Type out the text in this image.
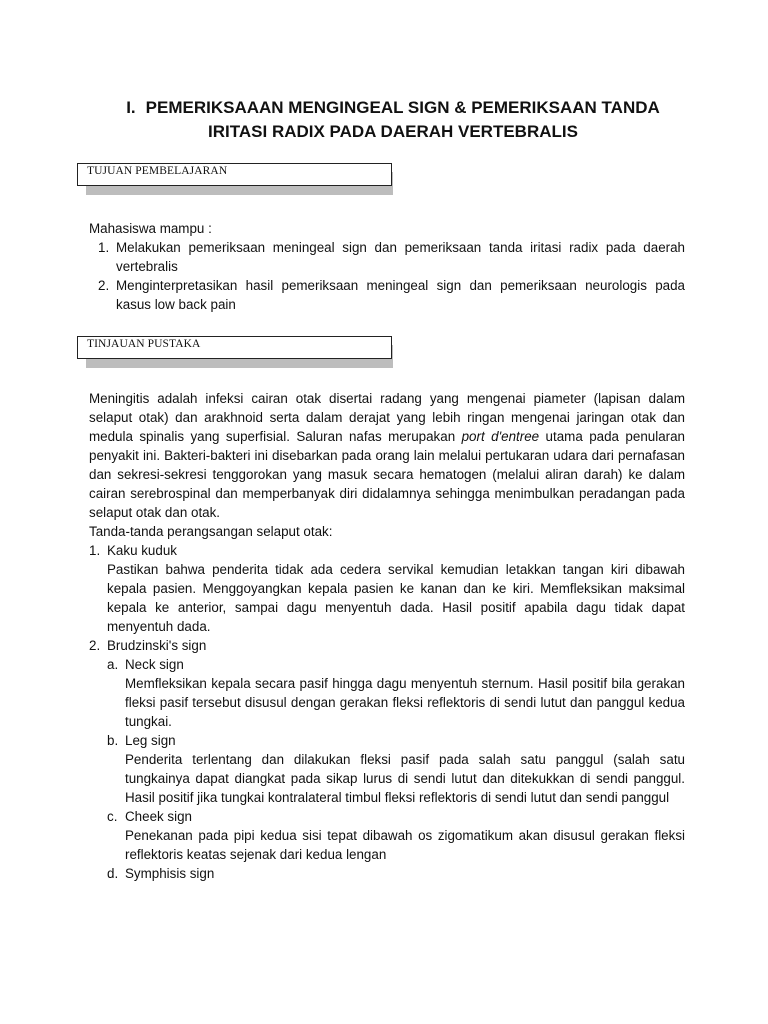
I. PEMERIKSAAAN MENGINGEAL SIGN & PEMERIKSAAN TANDA
IRITASI RADIX PADA DAERAH VERTEBRALIS
TUJUAN PEMBELAJARAN
Mahasiswa mampu :
1. Melakukan pemeriksaan meningeal sign dan pemeriksaan tanda iritasi radix pada daerah vertebralis
2. Menginterpretasikan hasil pemeriksaan meningeal sign dan pemeriksaan neurologis pada kasus low back pain
TINJAUAN PUSTAKA
Meningitis adalah infeksi cairan otak disertai radang yang mengenai piameter (lapisan dalam selaput otak) dan arakhnoid serta dalam derajat yang lebih ringan mengenai jaringan otak dan medula spinalis yang superfisial. Saluran nafas merupakan port d'entree utama pada penularan penyakit ini. Bakteri-bakteri ini disebarkan pada orang lain melalui pertukaran udara dari pernafasan dan sekresi-sekresi tenggorokan yang masuk secara hematogen (melalui aliran darah) ke dalam cairan serebrospinal dan memperbanyak diri didalamnya sehingga menimbulkan peradangan pada selaput otak dan otak.
Tanda-tanda perangsangan selaput otak:
1. Kaku kuduk
Pastikan bahwa penderita tidak ada cedera servikal kemudian letakkan tangan kiri dibawah kepala pasien. Menggoyangkan kepala pasien ke kanan dan ke kiri. Memfleksikan maksimal kepala ke anterior, sampai dagu menyentuh dada. Hasil positif apabila dagu tidak dapat menyentuh dada.
2. Brudzinski's sign
a. Neck sign
Memfleksikan kepala secara pasif hingga dagu menyentuh sternum. Hasil positif bila gerakan fleksi pasif tersebut disusul dengan gerakan fleksi reflektoris di sendi lutut dan panggul kedua tungkai.
b. Leg sign
Penderita terlentang dan dilakukan fleksi pasif pada salah satu panggul (salah satu tungkainya dapat diangkat pada sikap lurus di sendi lutut dan ditekukkan di sendi panggul. Hasil positif jika tungkai kontralateral timbul fleksi reflektoris di sendi lutut dan sendi panggul
c. Cheek sign
Penekanan pada pipi kedua sisi tepat dibawah os zigomatikum akan disusul gerakan fleksi reflektoris keatas sejenak dari kedua lengan
d. Symphisis sign
